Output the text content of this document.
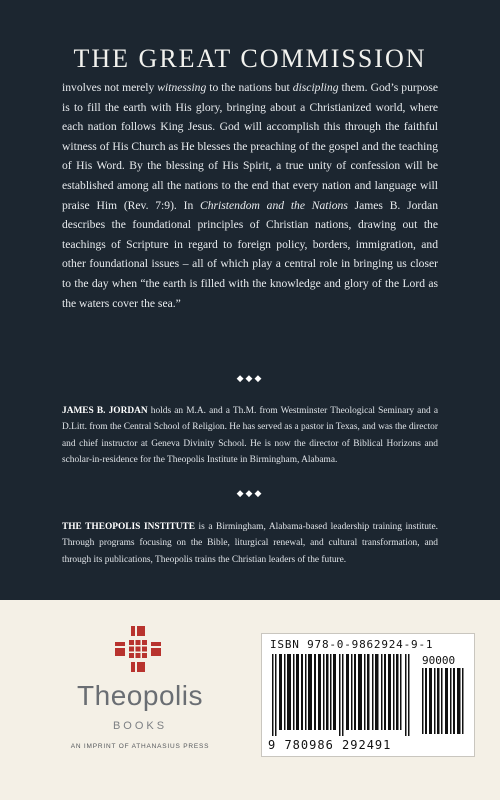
THE GREAT COMMISSION

involves not merely witnessing to the nations but discipling them. God’s purpose is to fill the earth with His glory, bringing about a Christianized world, where each nation follows King Jesus. God will accomplish this through the faithful witness of His Church as He blesses the preaching of the gospel and the teaching of His Word. By the blessing of His Spirit, a true unity of confession will be established among all the nations to the end that every nation and language will praise Him (Rev. 7:9). In Christendom and the Nations James B. Jordan describes the foundational principles of Christian nations, drawing out the teachings of Scripture in regard to foreign policy, borders, immigration, and other foundational issues – all of which play a central role in bringing us closer to the day when “the earth is filled with the knowledge and glory of the Lord as the waters cover the sea.”

◆◆◆

JAMES B. JORDAN holds an M.A. and a Th.M. from Westminster Theological Seminary and a D.Litt. from the Central School of Religion. He has served as a pastor in Texas, and was the director and chief instructor at Geneva Divinity School. He is now the director of Biblical Horizons and scholar-in-residence for the Theopolis Institute in Birmingham, Alabama.

◆◆◆

THE THEOPOLIS INSTITUTE is a Birmingham, Alabama-based leadership training institute. Through programs focusing on the Bible, liturgical renewal, and cultural transformation, and through its publications, Theopolis trains the Christian leaders of the future.

Theopolis
BOOKS
AN IMPRINT OF ATHANASIUS PRESS
ISBN 978-0-9862924-9-1
90000
9 780986 292491
